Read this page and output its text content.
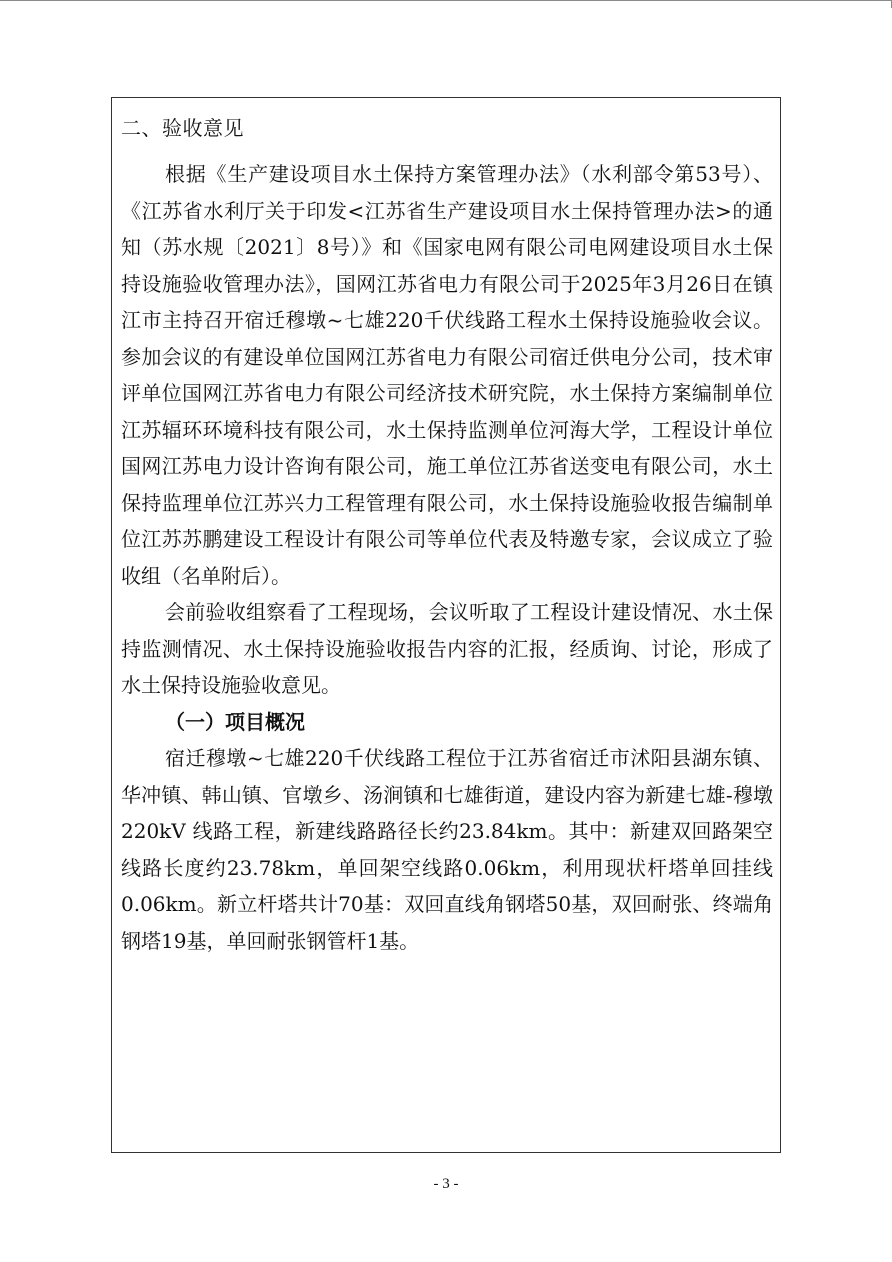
二、验收意见

根据《生产建设项目水土保持方案管理办法》（水利部令第53号）、《江苏省水利厅关于印发<江苏省生产建设项目水土保持管理办法>的通知（苏水规〔2021〕8号）》和《国家电网有限公司电网建设项目水土保持设施验收管理办法》，国网江苏省电力有限公司于2025年3月26日在镇江市主持召开宿迁穆墩~七雄220千伏线路工程水土保持设施验收会议。参加会议的有建设单位国网江苏省电力有限公司宿迁供电分公司，技术审评单位国网江苏省电力有限公司经济技术研究院，水土保持方案编制单位江苏辐环环境科技有限公司，水土保持监测单位河海大学，工程设计单位国网江苏电力设计咨询有限公司，施工单位江苏省送变电有限公司，水土保持监理单位江苏兴力工程管理有限公司，水土保持设施验收报告编制单位江苏苏鹏建设工程设计有限公司等单位代表及特邀专家，会议成立了验收组（名单附后）。

会前验收组察看了工程现场，会议听取了工程设计建设情况、水土保持监测情况、水土保持设施验收报告内容的汇报，经质询、讨论，形成了水土保持设施验收意见。

（一）项目概况

宿迁穆墩~七雄220千伏线路工程位于江苏省宿迁市沭阳县湖东镇、华冲镇、韩山镇、官墩乡、汤涧镇和七雄街道，建设内容为新建七雄-穆墩 220kV 线路工程，新建线路路径长约23.84km。其中：新建双回路架空线路长度约23.78km，单回架空线路0.06km，利用现状杆塔单回挂线0.06km。新立杆塔共计70基：双回直线角钢塔50基，双回耐张、终端角钢塔19基，单回耐张钢管杆1基。

- 3 -
